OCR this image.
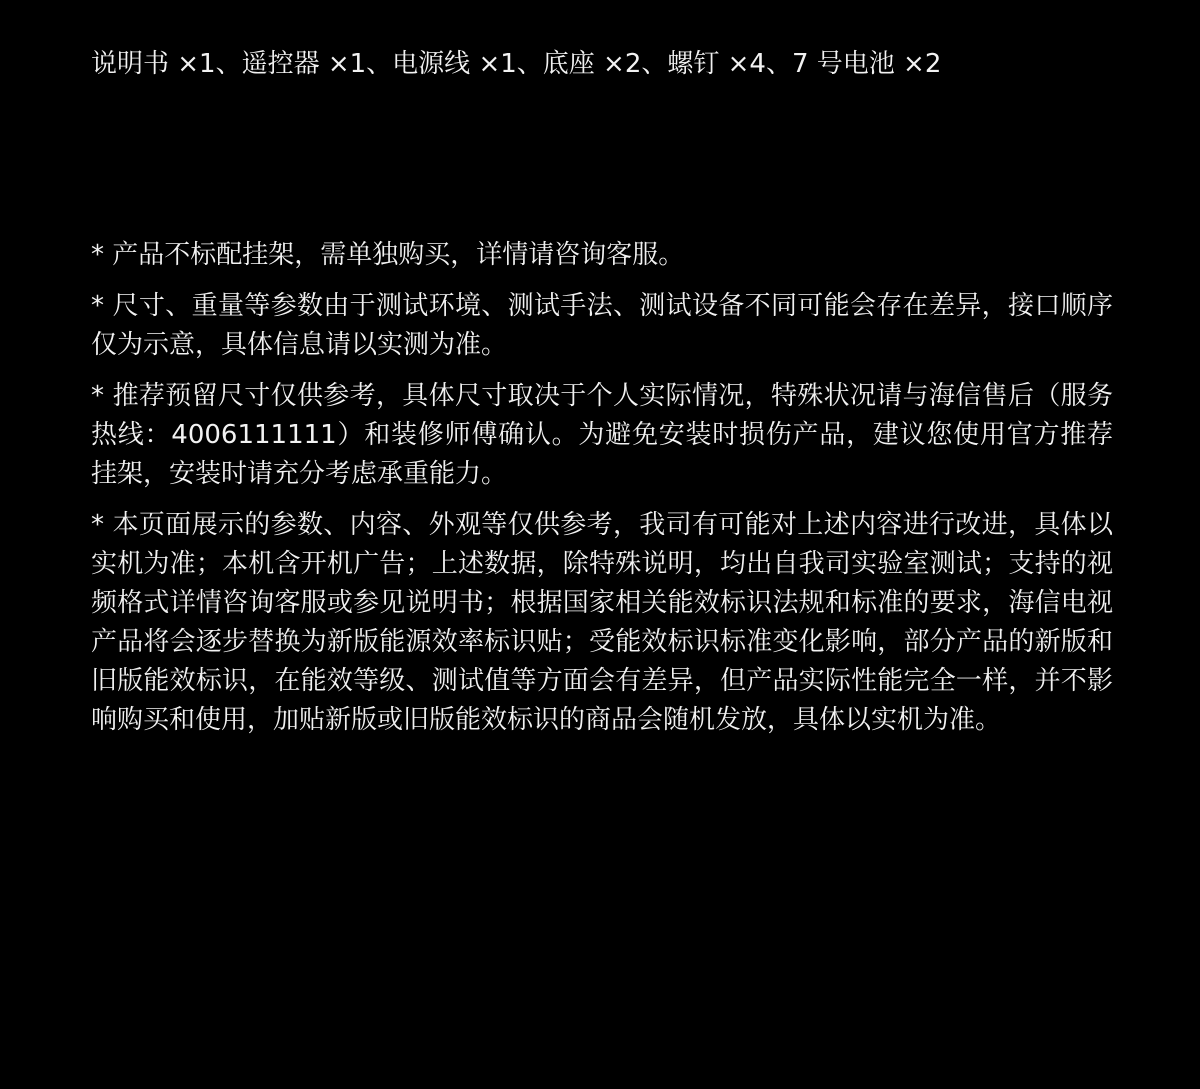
说明书 ×1、遥控器 ×1、电源线 ×1、底座 ×2、螺钉 ×4、7 号电池 ×2

* 产品不标配挂架，需单独购买，详情请咨询客服。
* 尺寸、重量等参数由于测试环境、测试手法、测试设备不同可能会存在差异，接口顺序仅为示意，具体信息请以实测为准。
* 推荐预留尺寸仅供参考，具体尺寸取决于个人实际情况，特殊状况请与海信售后（服务热线：4006111111）和装修师傅确认。为避免安装时损伤产品，建议您使用官方推荐挂架，安装时请充分考虑承重能力。
* 本页面展示的参数、内容、外观等仅供参考，我司有可能对上述内容进行改进，具体以实机为准；本机含开机广告；上述数据，除特殊说明，均出自我司实验室测试；支持的视频格式详情咨询客服或参见说明书；根据国家相关能效标识法规和标准的要求，海信电视产品将会逐步替换为新版能源效率标识贴；受能效标识标准变化影响，部分产品的新版和旧版能效标识，在能效等级、测试值等方面会有差异，但产品实际性能完全一样，并不影响购买和使用，加贴新版或旧版能效标识的商品会随机发放，具体以实机为准。
